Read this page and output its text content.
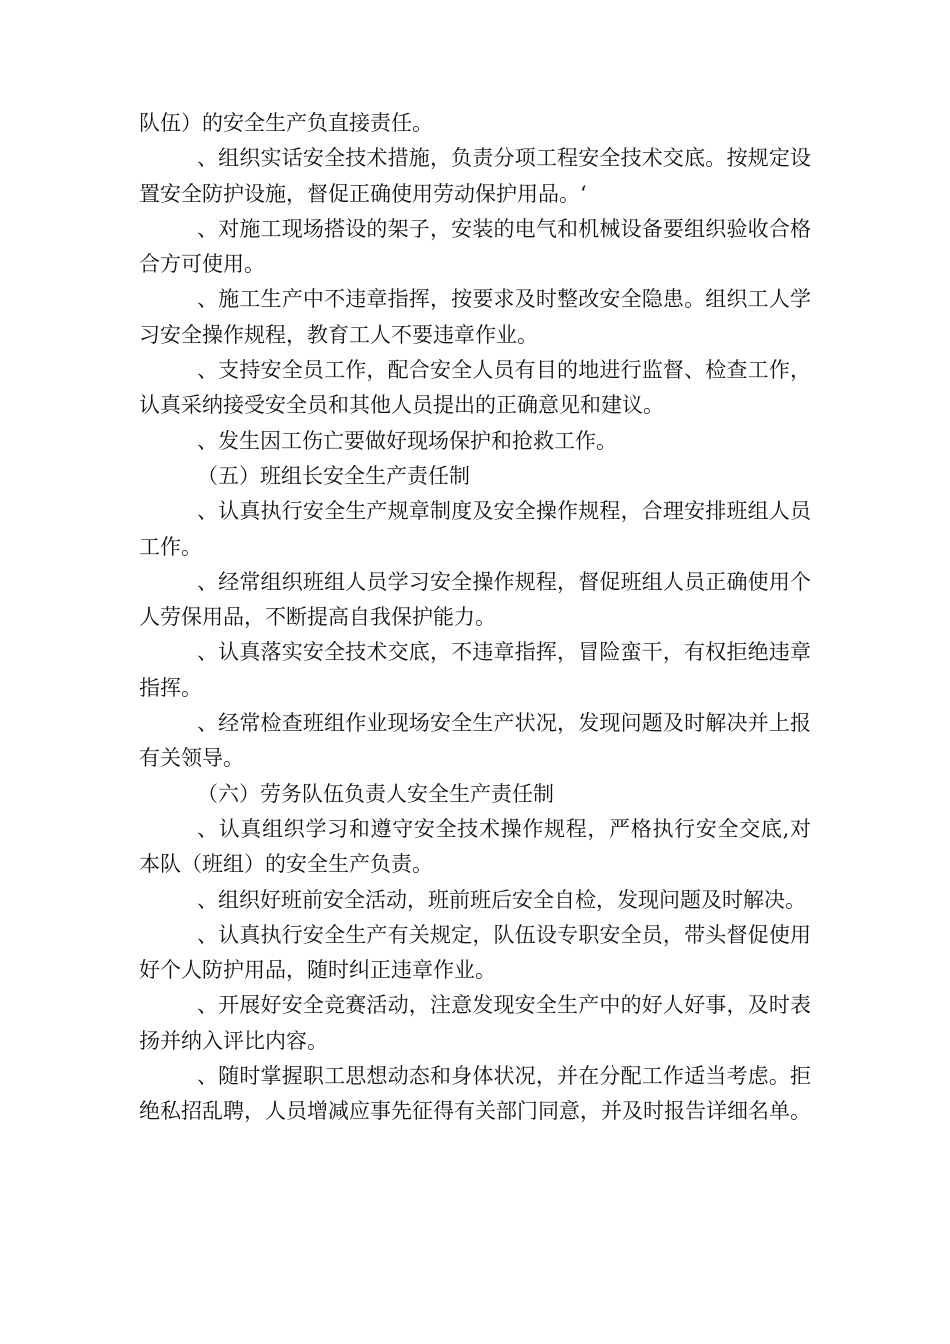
队伍）的安全生产负直接责任。

、组织实话安全技术措施，负责分项工程安全技术交底。按规定设置安全防护设施，督促正确使用劳动保护用品。‘

、对施工现场搭设的架子，安装的电气和机械设备要组织验收合格合方可使用。

、施工生产中不违章指挥，按要求及时整改安全隐患。组织工人学习安全操作规程，教育工人不要违章作业。

、支持安全员工作，配合安全人员有目的地进行监督、检查工作，认真采纳接受安全员和其他人员提出的正确意见和建议。

、发生因工伤亡要做好现场保护和抢救工作。

（五）班组长安全生产责任制

、认真执行安全生产规章制度及安全操作规程，合理安排班组人员工作。

、经常组织班组人员学习安全操作规程，督促班组人员正确使用个人劳保用品，不断提高自我保护能力。

、认真落实安全技术交底，不违章指挥，冒险蛮干，有权拒绝违章指挥。

、经常检查班组作业现场安全生产状况，发现问题及时解决并上报有关领导。

（六）劳务队伍负责人安全生产责任制

、认真组织学习和遵守安全技术操作规程，严格执行安全交底,对本队（班组）的安全生产负责。

、组织好班前安全活动，班前班后安全自检，发现问题及时解决。

、认真执行安全生产有关规定，队伍设专职安全员，带头督促使用好个人防护用品，随时纠正违章作业。

、开展好安全竞赛活动，注意发现安全生产中的好人好事，及时表扬并纳入评比内容。

、随时掌握职工思想动态和身体状况，并在分配工作适当考虑。拒绝私招乱聘，人员增减应事先征得有关部门同意，并及时报告详细名单。
